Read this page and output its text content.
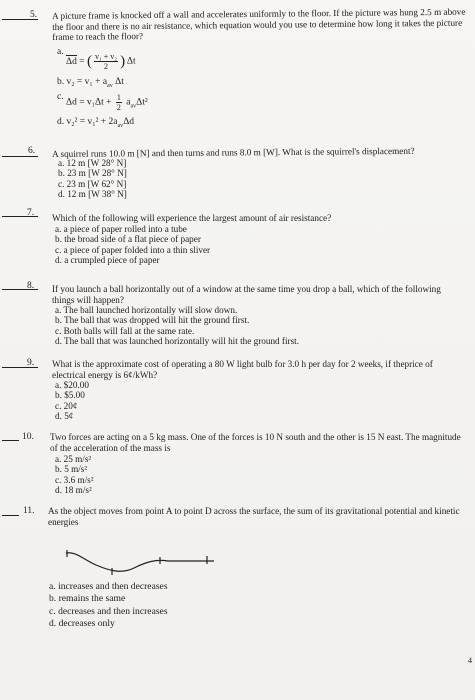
5. A picture frame is knocked off a wall and accelerates uniformly to the floor. If the picture was hung 2.5 m above the floor and there is no air resistance, which equation would you use to determine how long it takes the picture frame to reach the floor?
a.
Δd = ( $\frac{\text{v₁ + v₂}}{2}$ ) Δt
b. $v_2 = v_1 + a_{av}$ Δt
c. $\Delta d = v_1\Delta t + \frac{1}{2} a_{av}\Delta t^2$
d. $v_2^2 = v_1^2 + 2a_{av}\Delta d$
6. A squirrel runs 10.0 m [N] and then turns and runs 8.0 m [W]. What is the squirrel's displacement?
a. 12 m [W 28° N]
b. 23 m [W 28° N]
c. 23 m [W 62° N]
d. 12 m [W 38° N]
7. Which of the following will experience the largest amount of air resistance?
a. a piece of paper rolled into a tube
b. the broad side of a flat piece of paper
c. a piece of paper folded into a thin sliver
d. a crumpled piece of paper
8. If you launch a ball horizontally out of a window at the same time you drop a ball, which of the following things will happen?
a. The ball launched horizontally will slow down.
b. The ball that was dropped will hit the ground first.
c. Both balls will fall at the same rate.
d. The ball that was launched horizontally will hit the ground first.
9. What is the approximate cost of operating a 80 W light bulb for 3.0 h per day for 2 weeks, if thеprice of electrical energy is 6¢/kWh?
a. $20.00
b. $5.00
c. 20¢
d. 5¢
10. Two forces are acting on a 5 kg mass. One of the forces is 10 N south and the other is 15 N east. The magnitude of the acceleration of the mass is
a. 25 m/s²
b. 5 m/s²
c. 3.6 m/s²
d. 18 m/s²
11. As the object moves from point A to point D across the surface, the sum of its gravitational potential and kinetic energies
a. increases and then decreases
b. remains the same
c. decreases and then increases
d. decreases only
4
